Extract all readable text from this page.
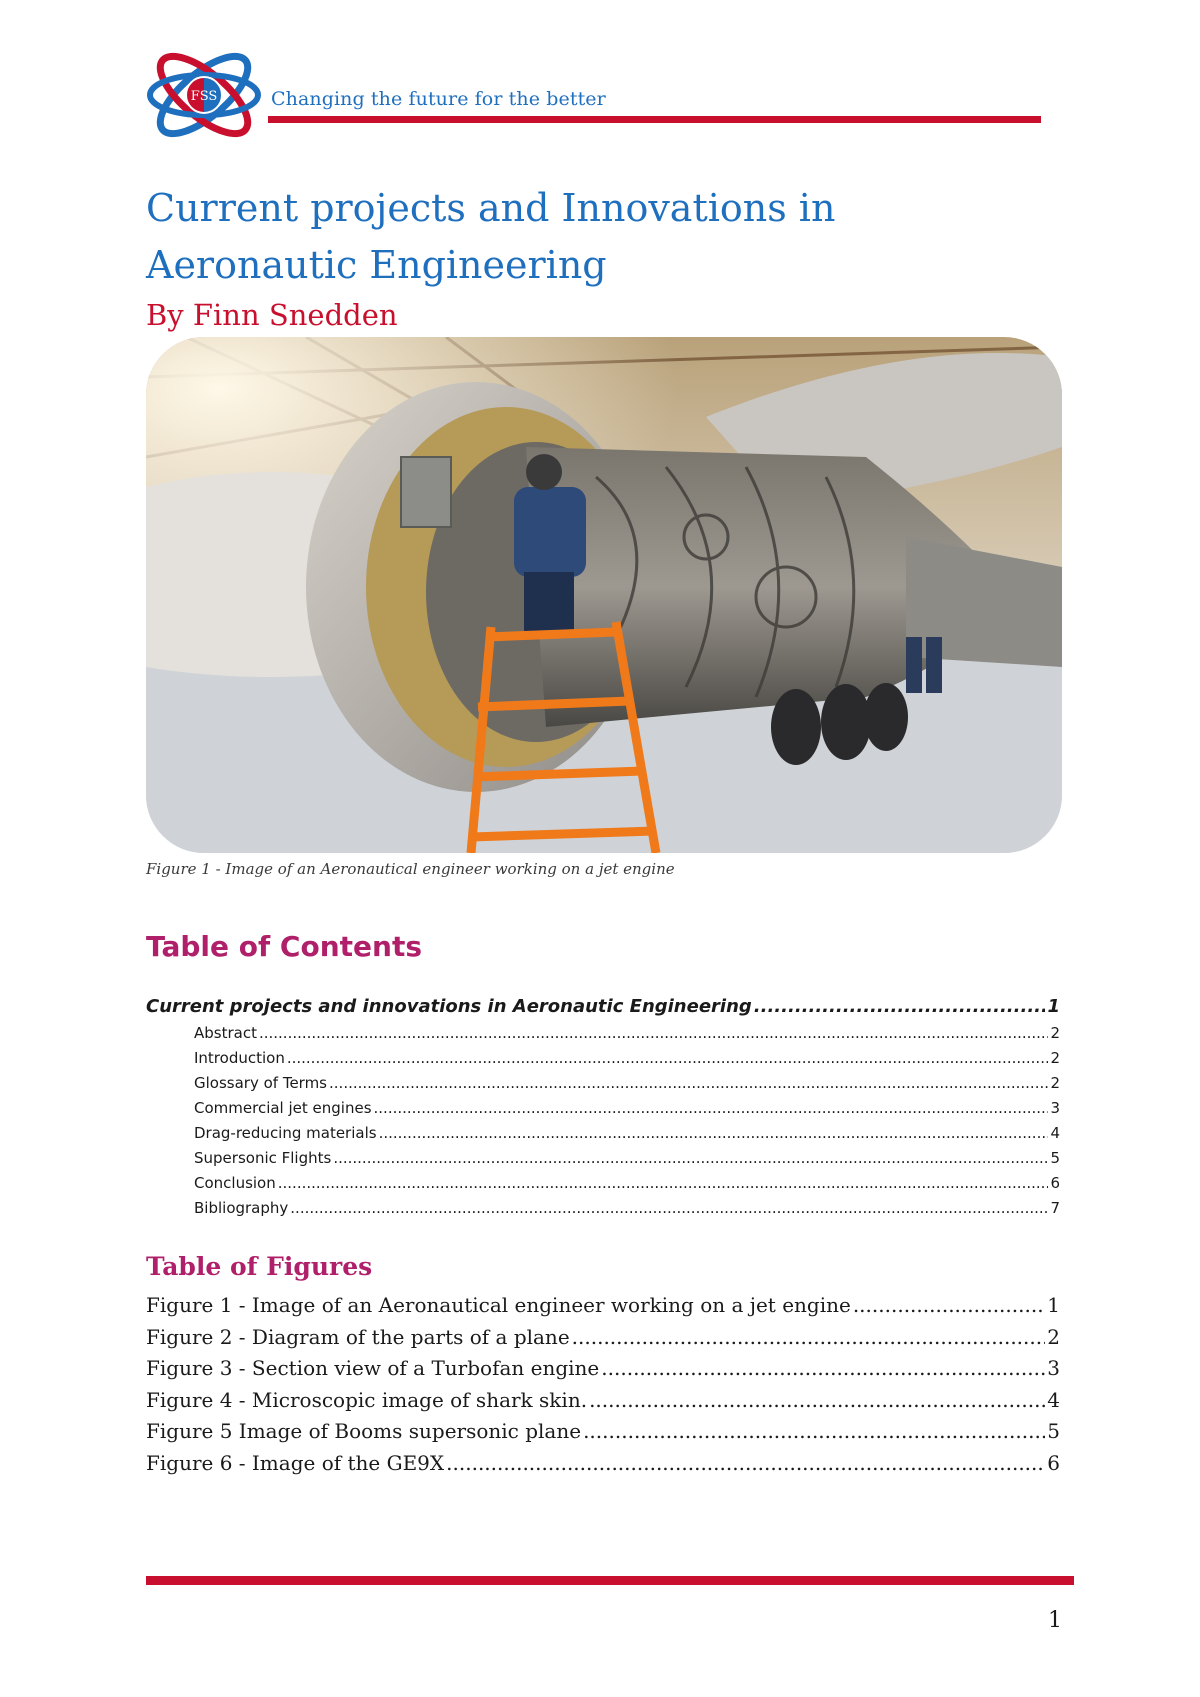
FSS	Changing the future for the better
Current projects and Innovations in
Aeronautic Engineering
By Finn Snedden
Figure 1 - Image of an Aeronautical engineer working on a jet engine
Table of Contents
Current projects and innovations in Aeronautic Engineering .....	1
Abstract .....	2
Introduction .....	2
Glossary of Terms .....	2
Commercial jet engines .....	3
Drag-reducing materials .....	4
Supersonic Flights .....	5
Conclusion .....	6
Bibliography .....	7
Table of Figures
Figure 1 - Image of an Aeronautical engineer working on a jet engine .....	1
Figure 2 - Diagram of the parts of a plane .....	2
Figure 3 - Section view of a Turbofan engine .....	3
Figure 4 - Microscopic image of shark skin. .....	4
Figure 5 Image of Booms supersonic plane .....	5
Figure 6 - Image of the GE9X .....	6
1
